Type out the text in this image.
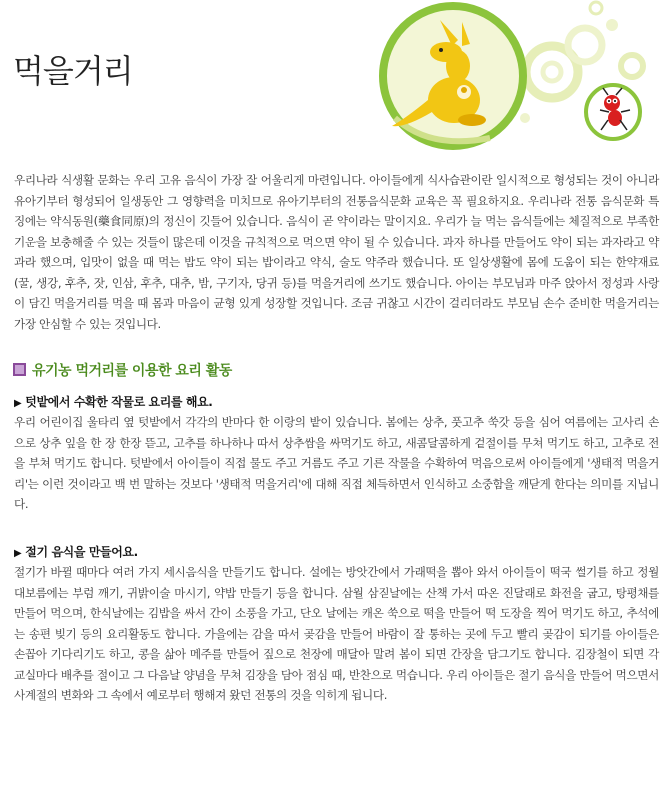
먹을거리

우리나라 식생활 문화는 우리 고유 음식이 가장 잘 어울리게 마련입니다. 아이들에게 식사습관이란 일시적으로 형성되는 것이 아니라 유아기부터 형성되어 일생동안 그 영향력을 미치므로 유아기부터의 전통음식문화 교육은 꼭 필요하지요. 우리나라 전통 음식문화 특징에는 약식동원(藥食同原)의 정신이 깃들어 있습니다. 음식이 곧 약이라는 말이지요. 우리가 늘 먹는 음식들에는 체질적으로 부족한 기운을 보충해줄 수 있는 것들이 많은데 이것을 규칙적으로 먹으면 약이 될 수 있습니다. 과자 하나를 만들어도 약이 되는 과자라고 약과라 했으며, 입맛이 없을 때 먹는 밥도 약이 되는 밥이라고 약식, 술도 약주라 했습니다. 또 일상생활에 몸에 도움이 되는 한약재료(꿀, 생강, 후추, 잣, 인삼, 후추, 대추, 밤, 구기자, 당귀 등)를 먹을거리에 쓰기도 했습니다. 아이는 부모님과 마주 앉아서 정성과 사랑이 담긴 먹을거리를 먹을 때 몸과 마음이 균형 있게 성장할 것입니다. 조금 귀찮고 시간이 걸리더라도 부모님 손수 준비한 먹을거리는 가장 안심할 수 있는 것입니다.

유기농 먹거리를 이용한 요리 활동

▶ 텃밭에서 수확한 작물로 요리를 해요.

우리 어린이집 울타리 옆 텃밭에서 각각의 반마다 한 이랑의 밭이 있습니다. 봄에는 상추, 풋고추 쑥갓 등을 심어 여름에는 고사리 손으로 상추 잎을 한 장 한장 뜯고, 고추를 하나하나 따서 상추쌈을 싸먹기도 하고, 새콤달콤하게 겉절이를 무쳐 먹기도 하고, 고추로 전을 부쳐 먹기도 합니다. 텃밭에서 아이들이 직접 물도 주고 거름도 주고 기른 작물을 수확하여 먹음으로써 아이들에게 '생태적 먹을거리'는 이런 것이라고 백 번 말하는 것보다 '생태적 먹을거리'에 대해 직접 체득하면서 인식하고 소중함을 깨닫게 한다는 의미를 지닙니다.

▶ 절기 음식을 만들어요.

절기가 바뀔 때마다 여러 가지 세시음식을 만들기도 합니다. 설에는 방앗간에서 가래떡을 뽑아 와서 아이들이 떡국 썰기를 하고 정월대보름에는 부럼 깨기, 귀밝이술 마시기, 약밥 만들기 등을 합니다. 삼월 삼짇날에는 산책 가서 따온 진달래로 화전을 굽고, 탕평채를 만들어 먹으며, 한식날에는 김밥을 싸서 간이 소풍을 가고, 단오 날에는 캐온 쑥으로 떡을 만들어 떡 도장을 찍어 먹기도 하고, 추석에는 송편 빚기 등의 요리활동도 합니다. 가을에는 감을 따서 곶감을 만들어 바람이 잘 통하는 곳에 두고 빨리 곶감이 되기를 아이들은 손꼽아 기다리기도 하고, 콩을 삶아 메주를 만들어 짚으로 천장에 매달아 말려 봄이 되면 간장을 담그기도 합니다. 김장철이 되면 각 교실마다 배추를 절이고 그 다음날 양념을 무쳐 김장을 담아 점심 때, 반찬으로 먹습니다. 우리 아이들은 절기 음식을 만들어 먹으면서 사계절의 변화와 그 속에서 예로부터 행해져 왔던 전통의 것을 익히게 됩니다.
